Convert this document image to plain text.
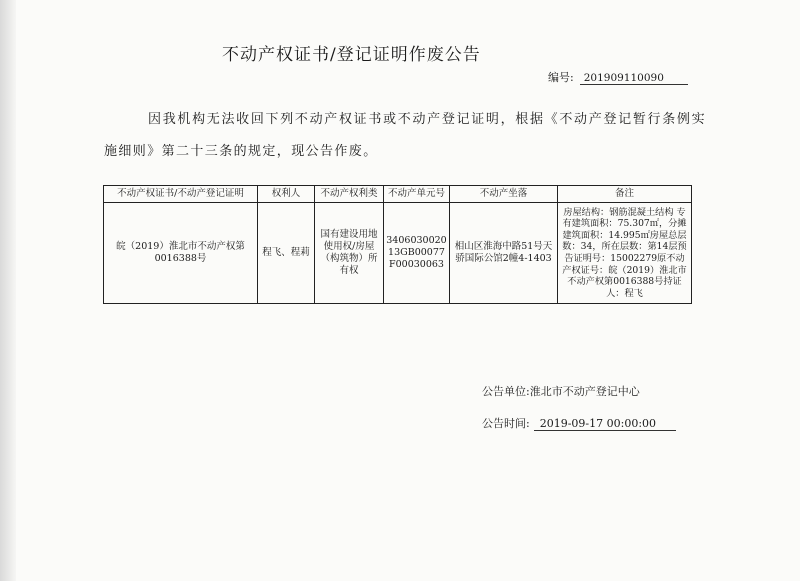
不动产权证书/登记证明作废公告
编号: 201909110090
因我机构无法收回下列不动产权证书或不动产登记证明，根据《不动产登记暂行条例实施细则》第二十三条的规定，现公告作废。
不动产权证书/不动产登记证明	权利人	不动产权利类	不动产单元号	不动产坐落	备注
皖（2019）淮北市不动产权第0016388号	程飞、程莉	国有建设用地使用权/房屋（构筑物）所有权	340603002013GB00077F00030063	相山区淮海中路51号天骄国际公馆2幢4-1403	房屋结构：钢筋混凝土结构 专有建筑面积：75.307㎡，分摊建筑面积：14.995㎡房屋总层数：34，所在层数：第14层预告证明号：15002279原不动产权证号：皖（2019）淮北市不动产权第0016388号持证人：程飞
公告单位:淮北市不动产登记中心
公告时间: 2019-09-17 00:00:00
